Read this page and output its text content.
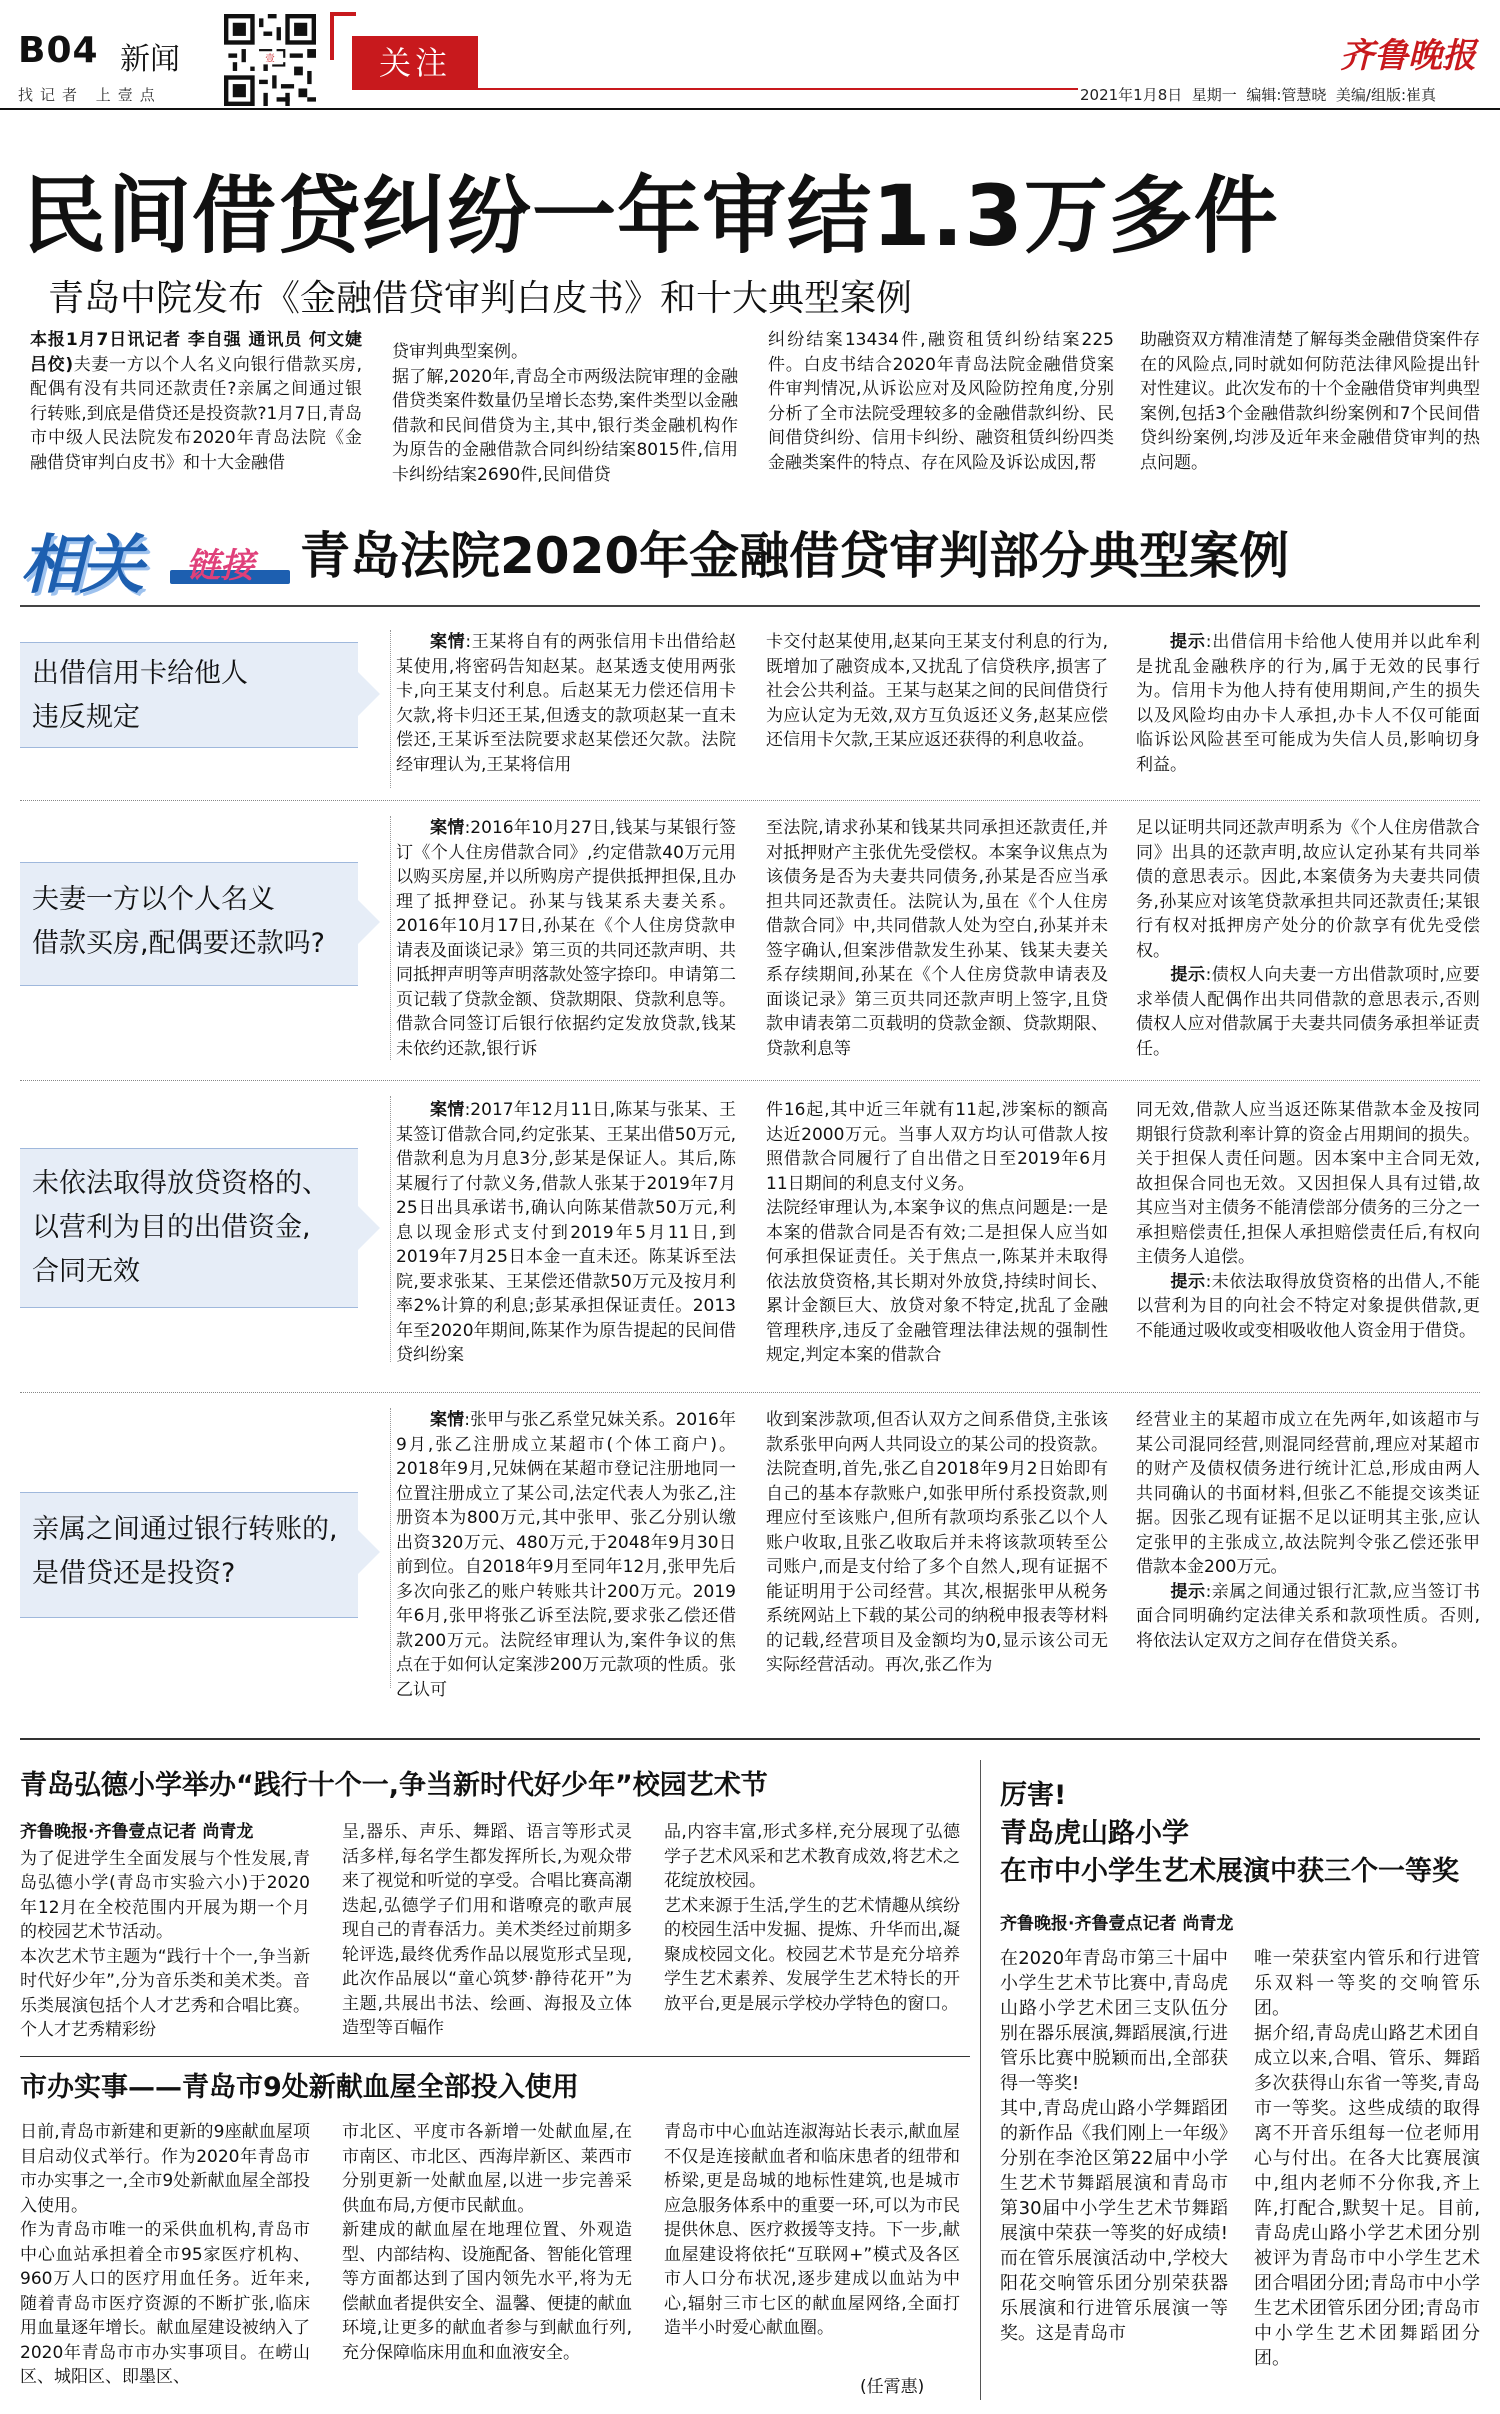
B04 新闻
找记者 上壹点
壹	关注	齐鲁晚报
2021年1月8日  星期一  编辑:管慧晓  美编/组版:崔真
民间借贷纠纷一年审结1.3万多件
青岛中院发布《金融借贷审判白皮书》和十大典型案例
本报1月7日讯记者 李自强 通讯员 何文婕 吕佼)夫妻一方以个人名义向银行借款买房,配偶有没有共同还款责任?亲属之间通过银行转账,到底是借贷还是投资款?1月7日,青岛市中级人民法院发布2020年青岛法院《金融借贷审判白皮书》和十大金融借
贷审判典型案例。
据了解,2020年,青岛全市两级法院审理的金融借贷类案件数量仍呈增长态势,案件类型以金融借款和民间借贷为主,其中,银行类金融机构作为原告的金融借款合同纠纷结案8015件,信用卡纠纷结案2690件,民间借贷
纠纷结案13434件,融资租赁纠纷结案225件。白皮书结合2020年青岛法院金融借贷案件审判情况,从诉讼应对及风险防控角度,分别分析了全市法院受理较多的金融借款纠纷、民间借贷纠纷、信用卡纠纷、融资租赁纠纷四类金融类案件的特点、存在风险及诉讼成因,帮
助融资双方精准清楚了解每类金融借贷案件存在的风险点,同时就如何防范法律风险提出针对性建议。此次发布的十个金融借贷审判典型案例,包括3个金融借款纠纷案例和7个民间借贷纠纷案例,均涉及近年来金融借贷审判的热点问题。
相关 链接 青岛法院2020年金融借贷审判部分典型案例
出借信用卡给他人
违反规定
案情:王某将自有的两张信用卡出借给赵某使用,将密码告知赵某。赵某透支使用两张卡,向王某支付利息。后赵某无力偿还信用卡欠款,将卡归还王某,但透支的款项赵某一直未偿还,王某诉至法院要求赵某偿还欠款。法院经审理认为,王某将信用
卡交付赵某使用,赵某向王某支付利息的行为,既增加了融资成本,又扰乱了信贷秩序,损害了社会公共利益。王某与赵某之间的民间借贷行为应认定为无效,双方互负返还义务,赵某应偿还信用卡欠款,王某应返还获得的利息收益。
提示:出借信用卡给他人使用并以此牟利是扰乱金融秩序的行为,属于无效的民事行为。信用卡为他人持有使用期间,产生的损失以及风险均由办卡人承担,办卡人不仅可能面临诉讼风险甚至可能成为失信人员,影响切身利益。
夫妻一方以个人名义
借款买房,配偶要还款吗?
案情:2016年10月27日,钱某与某银行签订《个人住房借款合同》,约定借款40万元用以购买房屋,并以所购房产提供抵押担保,且办理了抵押登记。孙某与钱某系夫妻关系。2016年10月17日,孙某在《个人住房贷款申请表及面谈记录》第三页的共同还款声明、共同抵押声明等声明落款处签字捺印。申请第二页记载了贷款金额、贷款期限、贷款利息等。借款合同签订后银行依据约定发放贷款,钱某未依约还款,银行诉
至法院,请求孙某和钱某共同承担还款责任,并对抵押财产主张优先受偿权。本案争议焦点为该债务是否为夫妻共同债务,孙某是否应当承担共同还款责任。法院认为,虽在《个人住房借款合同》中,共同借款人处为空白,孙某并未签字确认,但案涉借款发生孙某、钱某夫妻关系存续期间,孙某在《个人住房贷款申请表及面谈记录》第三页共同还款声明上签字,且贷款申请表第二页载明的贷款金额、贷款期限、贷款利息等
足以证明共同还款声明系为《个人住房借款合同》出具的还款声明,故应认定孙某有共同举债的意思表示。因此,本案债务为夫妻共同债务,孙某应对该笔贷款承担共同还款责任;某银行有权对抵押房产处分的价款享有优先受偿权。
提示:债权人向夫妻一方出借款项时,应要求举债人配偶作出共同借款的意思表示,否则债权人应对借款属于夫妻共同债务承担举证责任。
未依法取得放贷资格的、
以营利为目的出借资金,
合同无效
案情:2017年12月11日,陈某与张某、王某签订借款合同,约定张某、王某出借50万元,借款利息为月息3分,彭某是保证人。其后,陈某履行了付款义务,借款人张某于2019年7月25日出具承诺书,确认向陈某借款50万元,利息以现金形式支付到2019年5月11日,到2019年7月25日本金一直未还。陈某诉至法院,要求张某、王某偿还借款50万元及按月利率2%计算的利息;彭某承担保证责任。2013年至2020年期间,陈某作为原告提起的民间借贷纠纷案
件16起,其中近三年就有11起,涉案标的额高达近2000万元。当事人双方均认可借款人按照借款合同履行了自出借之日至2019年6月11日期间的利息支付义务。
法院经审理认为,本案争议的焦点问题是:一是本案的借款合同是否有效;二是担保人应当如何承担保证责任。关于焦点一,陈某并未取得依法放贷资格,其长期对外放贷,持续时间长、累计金额巨大、放贷对象不特定,扰乱了金融管理秩序,违反了金融管理法律法规的强制性规定,判定本案的借款合
同无效,借款人应当返还陈某借款本金及按同期银行贷款利率计算的资金占用期间的损失。关于担保人责任问题。因本案中主合同无效,故担保合同也无效。又因担保人具有过错,故其应当对主债务不能清偿部分债务的三分之一承担赔偿责任,担保人承担赔偿责任后,有权向主债务人追偿。
提示:未依法取得放贷资格的出借人,不能以营利为目的向社会不特定对象提供借款,更不能通过吸收或变相吸收他人资金用于借贷。
亲属之间通过银行转账的,
是借贷还是投资?
案情:张甲与张乙系堂兄妹关系。2016年9月,张乙注册成立某超市(个体工商户)。2018年9月,兄妹俩在某超市登记注册地同一位置注册成立了某公司,法定代表人为张乙,注册资本为800万元,其中张甲、张乙分别认缴出资320万元、480万元,于2048年9月30日前到位。自2018年9月至同年12月,张甲先后多次向张乙的账户转账共计200万元。2019年6月,张甲将张乙诉至法院,要求张乙偿还借款200万元。法院经审理认为,案件争议的焦点在于如何认定案涉200万元款项的性质。张乙认可
收到案涉款项,但否认双方之间系借贷,主张该款系张甲向两人共同设立的某公司的投资款。法院查明,首先,张乙自2018年9月2日始即有自己的基本存款账户,如张甲所付系投资款,则理应付至该账户,但所有款项均系张乙以个人账户收取,且张乙收取后并未将该款项转至公司账户,而是支付给了多个自然人,现有证据不能证明用于公司经营。其次,根据张甲从税务系统网站上下载的某公司的纳税申报表等材料的记载,经营项目及金额均为0,显示该公司无实际经营活动。再次,张乙作为
经营业主的某超市成立在先两年,如该超市与某公司混同经营,则混同经营前,理应对某超市的财产及债权债务进行统计汇总,形成由两人共同确认的书面材料,但张乙不能提交该类证据。因张乙现有证据不足以证明其主张,应认定张甲的主张成立,故法院判令张乙偿还张甲借款本金200万元。
提示:亲属之间通过银行汇款,应当签订书面合同明确约定法律关系和款项性质。否则,将依法认定双方之间存在借贷关系。
青岛弘德小学举办“践行十个一,争当新时代好少年”校园艺术节
齐鲁晚报·齐鲁壹点记者 尚青龙
为了促进学生全面发展与个性发展,青岛弘德小学(青岛市实验六小)于2020年12月在全校范围内开展为期一个月的校园艺术节活动。
本次艺术节主题为“践行十个一,争当新时代好少年”,分为音乐类和美术类。音乐类展演包括个人才艺秀和合唱比赛。个人才艺秀精彩纷
呈,器乐、声乐、舞蹈、语言等形式灵活多样,每名学生都发挥所长,为观众带来了视觉和听觉的享受。合唱比赛高潮迭起,弘德学子们用和谐嘹亮的歌声展现自己的青春活力。美术类经过前期多轮评选,最终优秀作品以展览形式呈现,此次作品展以“童心筑梦·静待花开”为主题,共展出书法、绘画、海报及立体造型等百幅作
品,内容丰富,形式多样,充分展现了弘德学子艺术风采和艺术教育成效,将艺术之花绽放校园。
艺术来源于生活,学生的艺术情趣从缤纷的校园生活中发掘、提炼、升华而出,凝聚成校园文化。校园艺术节是充分培养学生艺术素养、发展学生艺术特长的开放平台,更是展示学校办学特色的窗口。
市办实事——青岛市9处新献血屋全部投入使用
日前,青岛市新建和更新的9座献血屋项目启动仪式举行。作为2020年青岛市市办实事之一,全市9处新献血屋全部投入使用。
作为青岛市唯一的采供血机构,青岛市中心血站承担着全市95家医疗机构、960万人口的医疗用血任务。近年来,随着青岛市医疗资源的不断扩张,临床用血量逐年增长。献血屋建设被纳入了2020年青岛市市办实事项目。在崂山区、城阳区、即墨区、
市北区、平度市各新增一处献血屋,在市南区、市北区、西海岸新区、莱西市分别更新一处献血屋,以进一步完善采供血布局,方便市民献血。
新建成的献血屋在地理位置、外观造型、内部结构、设施配备、智能化管理等方面都达到了国内领先水平,将为无偿献血者提供安全、温馨、便捷的献血环境,让更多的献血者参与到献血行列,充分保障临床用血和血液安全。
青岛市中心血站连淑海站长表示,献血屋不仅是连接献血者和临床患者的纽带和桥梁,更是岛城的地标性建筑,也是城市应急服务体系中的重要一环,可以为市民提供休息、医疗救援等支持。下一步,献血屋建设将依托“互联网+”模式及各区市人口分布状况,逐步建成以血站为中心,辐射三市七区的献血屋网络,全面打造半小时爱心献血圈。
(任霄惠)
厉害!
青岛虎山路小学
在市中小学生艺术展演中获三个一等奖
齐鲁晚报·齐鲁壹点记者 尚青龙
在2020年青岛市第三十届中小学生艺术节比赛中,青岛虎山路小学艺术团三支队伍分别在器乐展演,舞蹈展演,行进管乐比赛中脱颖而出,全部获得一等奖!
其中,青岛虎山路小学舞蹈团的新作品《我们刚上一年级》分别在李沧区第22届中小学生艺术节舞蹈展演和青岛市第30届中小学生艺术节舞蹈展演中荣获一等奖的好成绩!而在管乐展演活动中,学校大阳花交响管乐团分别荣获器乐展演和行进管乐展演一等奖。这是青岛市
唯一荣获室内管乐和行进管乐双料一等奖的交响管乐团。
据介绍,青岛虎山路艺术团自成立以来,合唱、管乐、舞蹈多次获得山东省一等奖,青岛市一等奖。这些成绩的取得离不开音乐组每一位老师用心与付出。在各大比赛展演中,组内老师不分你我,齐上阵,打配合,默契十足。目前,青岛虎山路小学艺术团分别被评为青岛市中小学生艺术团合唱团分团;青岛市中小学生艺术团管乐团分团;青岛市中小学生艺术团舞蹈团分团。
